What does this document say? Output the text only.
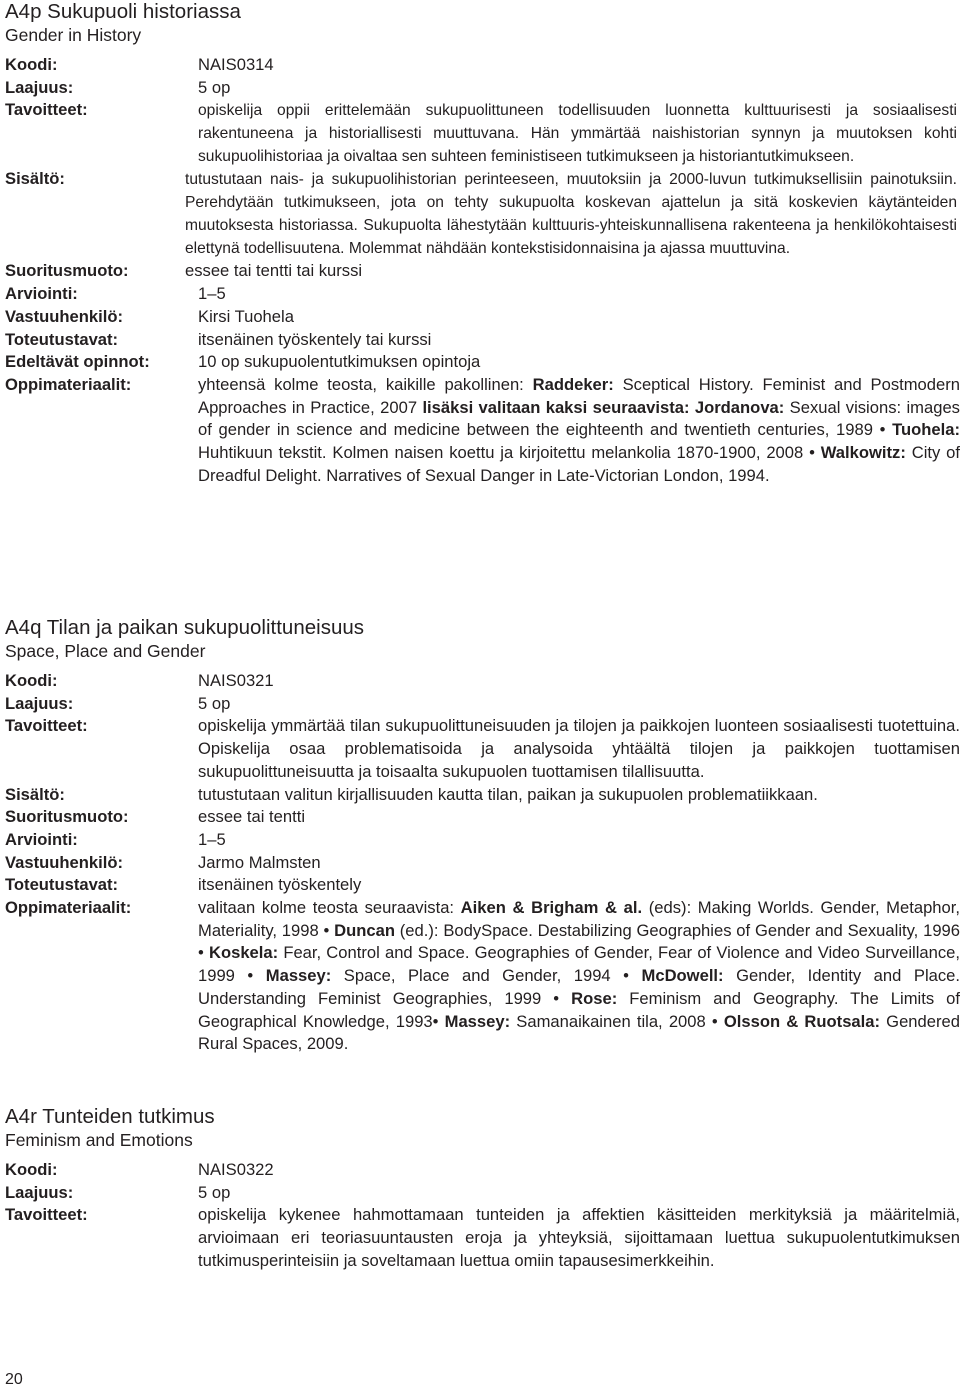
A4p Sukupuoli historiassa
Gender in History
Koodi:	NAIS0314
Laajuus:	5 op
Tavoitteet:	opiskelija oppii erittelemään sukupuolittuneen todellisuuden luonnetta kulttuurisesti ja sosiaalisesti rakentuneena ja historiallisesti muuttuvana. Hän ymmärtää naishistorian synnyn ja muutoksen kohti sukupuolihistoriaa ja oivaltaa sen suhteen feministiseen tutkimukseen ja historiantutkimukseen.
Sisältö:	tutustutaan nais- ja sukupuolihistorian perinteeseen, muutoksiin ja 2000-luvun tutkimuksellisiin painotuksiin. Perehdytään tutkimukseen, jota on tehty sukupuolta koskevan ajattelun ja sitä koskevien käytänteiden muutoksesta historiassa. Sukupuolta lähestytään kulttuuris-yhteiskunnallisena rakenteena ja henkilökohtaisesti elettynä todellisuutena. Molemmat nähdään kontekstisidonnaisina ja ajassa muuttuvina.
Suoritusmuoto:	essee tai tentti tai kurssi
Arviointi:	1–5
Vastuuhenkilö:	Kirsi Tuohela
Toteutustavat:	itsenäinen työskentely tai kurssi
Edeltävät opinnot:	10 op sukupuolentutkimuksen opintoja
Oppimateriaalit:	yhteensä kolme teosta, kaikille pakollinen: Raddeker: Sceptical History. Feminist and Postmodern Approaches in Practice, 2007 lisäksi valitaan kaksi seuraavista: Jordanova: Sexual visions: images of gender in science and medicine between the eighteenth and twentieth centuries, 1989 • Tuohela: Huhtikuun tekstit. Kolmen naisen koettu ja kirjoitettu melankolia 1870-1900, 2008 • Walkowitz: City of Dreadful Delight. Narratives of Sexual Danger in Late-Victorian London, 1994.
A4q Tilan ja paikan sukupuolittuneisuus
Space, Place and Gender
Koodi:	NAIS0321
Laajuus:	5 op
Tavoitteet:	opiskelija ymmärtää tilan sukupuolittuneisuuden ja tilojen ja paikkojen luonteen sosiaalisesti tuotettuina. Opiskelija osaa problematisoida ja analysoida yhtäältä tilojen ja paikkojen tuottamisen sukupuolittuneisuutta ja toisaalta sukupuolen tuottamisen tilallisuutta.
Sisältö:	tutustutaan valitun kirjallisuuden kautta tilan, paikan ja sukupuolen problematiikkaan.
Suoritusmuoto:	essee tai tentti
Arviointi:	1–5
Vastuuhenkilö:	Jarmo Malmsten
Toteutustavat:	itsenäinen työskentely
Oppimateriaalit:	valitaan kolme teosta seuraavista: Aiken & Brigham & al. (eds): Making Worlds. Gender, Metaphor, Materiality, 1998 • Duncan (ed.): BodySpace. Destabilizing Geographies of Gender and Sexuality, 1996 • Koskela: Fear, Control and Space. Geographies of Gender, Fear of Violence and Video Surveillance, 1999 • Massey: Space, Place and Gender, 1994 • McDowell: Gender, Identity and Place. Understanding Feminist Geographies, 1999 • Rose: Feminism and Geography. The Limits of Geographical Knowledge, 1993• Massey: Samanaikainen tila, 2008 • Olsson & Ruotsala: Gendered Rural Spaces, 2009.
A4r Tunteiden tutkimus
Feminism and Emotions
Koodi:	NAIS0322
Laajuus:	5 op
Tavoitteet:	opiskelija kykenee hahmottamaan tunteiden ja affektien käsitteiden merkityksiä ja määritelmiä, arvioimaan eri teoriasuuntausten eroja ja yhteyksiä, sijoittamaan luettua sukupuolentutkimuksen tutkimusperinteisiin ja soveltamaan luettua omiin tapausesimerkkeihin.
20
